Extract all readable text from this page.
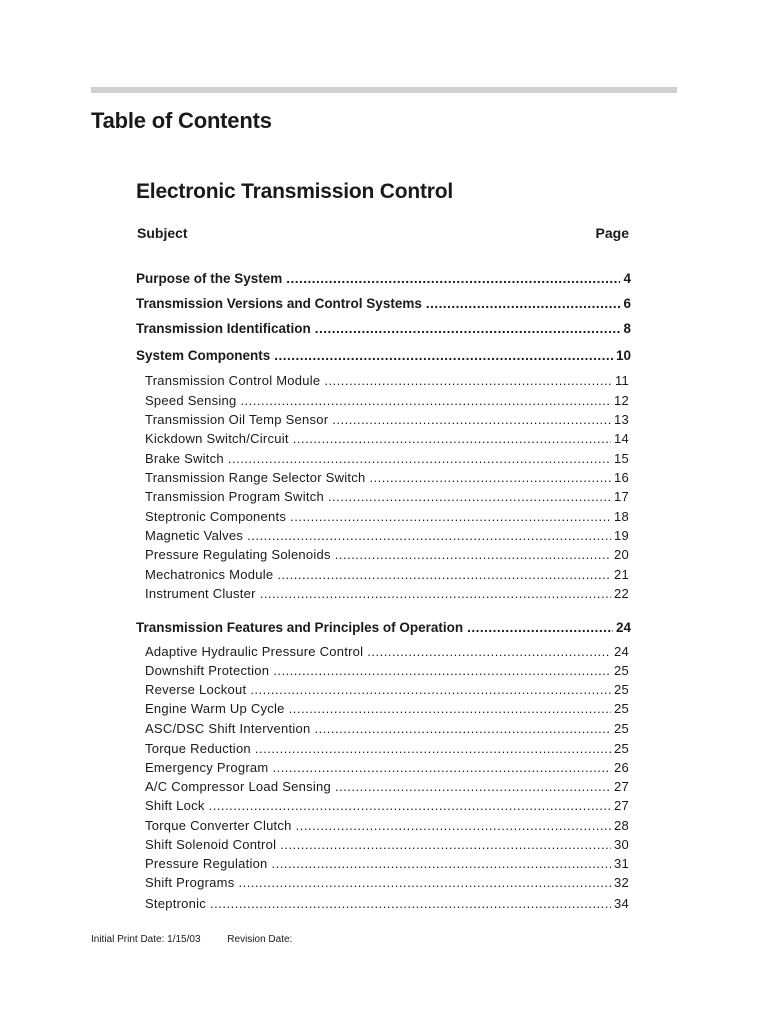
Table of Contents
Electronic Transmission Control
Subject	Page
Purpose of the System .....	4
Transmission Versions and Control Systems .....	6
Transmission Identification .....	8
System Components .....	10
Transmission Control Module .....	11
Speed Sensing .....	12
Transmission Oil Temp Sensor .....	13
Kickdown Switch/Circuit .....	14
Brake Switch .....	15
Transmission Range Selector Switch .....	16
Transmission Program Switch .....	17
Steptronic Components .....	18
Magnetic Valves .....	19
Pressure Regulating Solenoids .....	20
Mechatronics Module .....	21
Instrument Cluster .....	22
Transmission Features and Principles of Operation .....	24
Adaptive Hydraulic Pressure Control .....	24
Downshift Protection .....	25
Reverse Lockout .....	25
Engine Warm Up Cycle .....	25
ASC/DSC Shift Intervention .....	25
Torque Reduction .....	25
Emergency Program .....	26
A/C Compressor Load Sensing .....	27
Shift Lock .....	27
Torque Converter Clutch .....	28
Shift Solenoid Control .....	30
Pressure Regulation .....	31
Shift Programs .....	32
Steptronic .....	34
Initial Print Date: 1/15/03	Revision Date:
